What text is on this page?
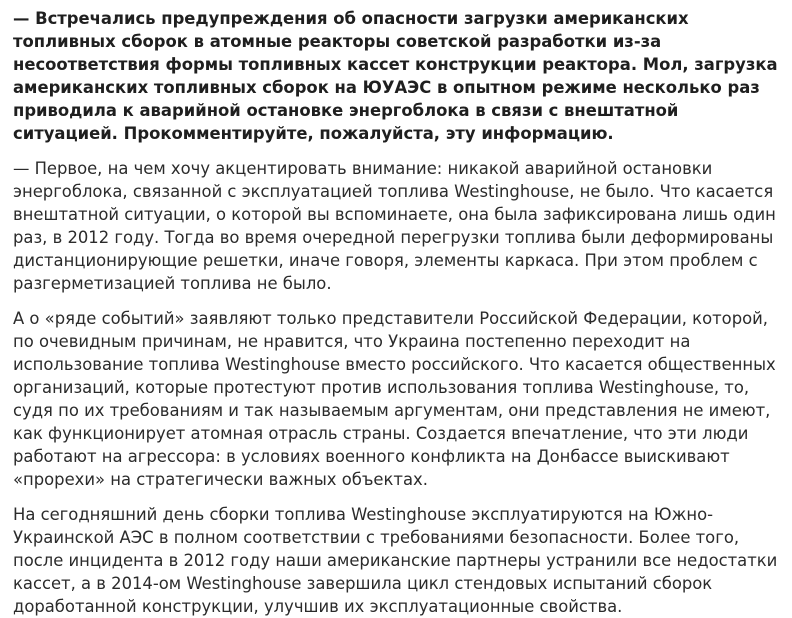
— Встречались предупреждения об опасности загрузки американских топливных сборок в атомные реакторы советской разработки из-за несоответствия формы топливных кассет конструкции реактора. Мол, загрузка американских топливных сборок на ЮУАЭС в опытном режиме несколько раз приводила к аварийной остановке энергоблока в связи с внештатной ситуацией. Прокомментируйте, пожалуйста, эту информацию.

— Первое, на чем хочу акцентировать внимание: никакой аварийной остановки энергоблока, связанной с эксплуатацией топлива Westinghouse, не было. Что касается внештатной ситуации, о которой вы вспоминаете, она была зафиксирована лишь один раз, в 2012 году. Тогда во время очередной перегрузки топлива были деформированы дистанционирующие решетки, иначе говоря, элементы каркаса. При этом проблем с разгерметизацией топлива не было.

А о «ряде событий» заявляют только представители Российской Федерации, которой, по очевидным причинам, не нравится, что Украина постепенно переходит на использование топлива Westinghouse вместо российского. Что касается общественных организаций, которые протестуют против использования топлива Westinghouse, то, судя по их требованиям и так называемым аргументам, они представления не имеют, как функционирует атомная отрасль страны. Создается впечатление, что эти люди работают на агрессора: в условиях военного конфликта на Донбассе выискивают «прорехи» на стратегически важных объектах.

На сегодняшний день сборки топлива Westinghouse эксплуатируются на Южно-Украинской АЭС в полном соответствии с требованиями безопасности. Более того, после инцидента в 2012 году наши американские партнеры устранили все недостатки кассет, а в 2014-ом Westinghouse завершила цикл стендовых испытаний сборок доработанной конструкции, улучшив их эксплуатационные свойства.
